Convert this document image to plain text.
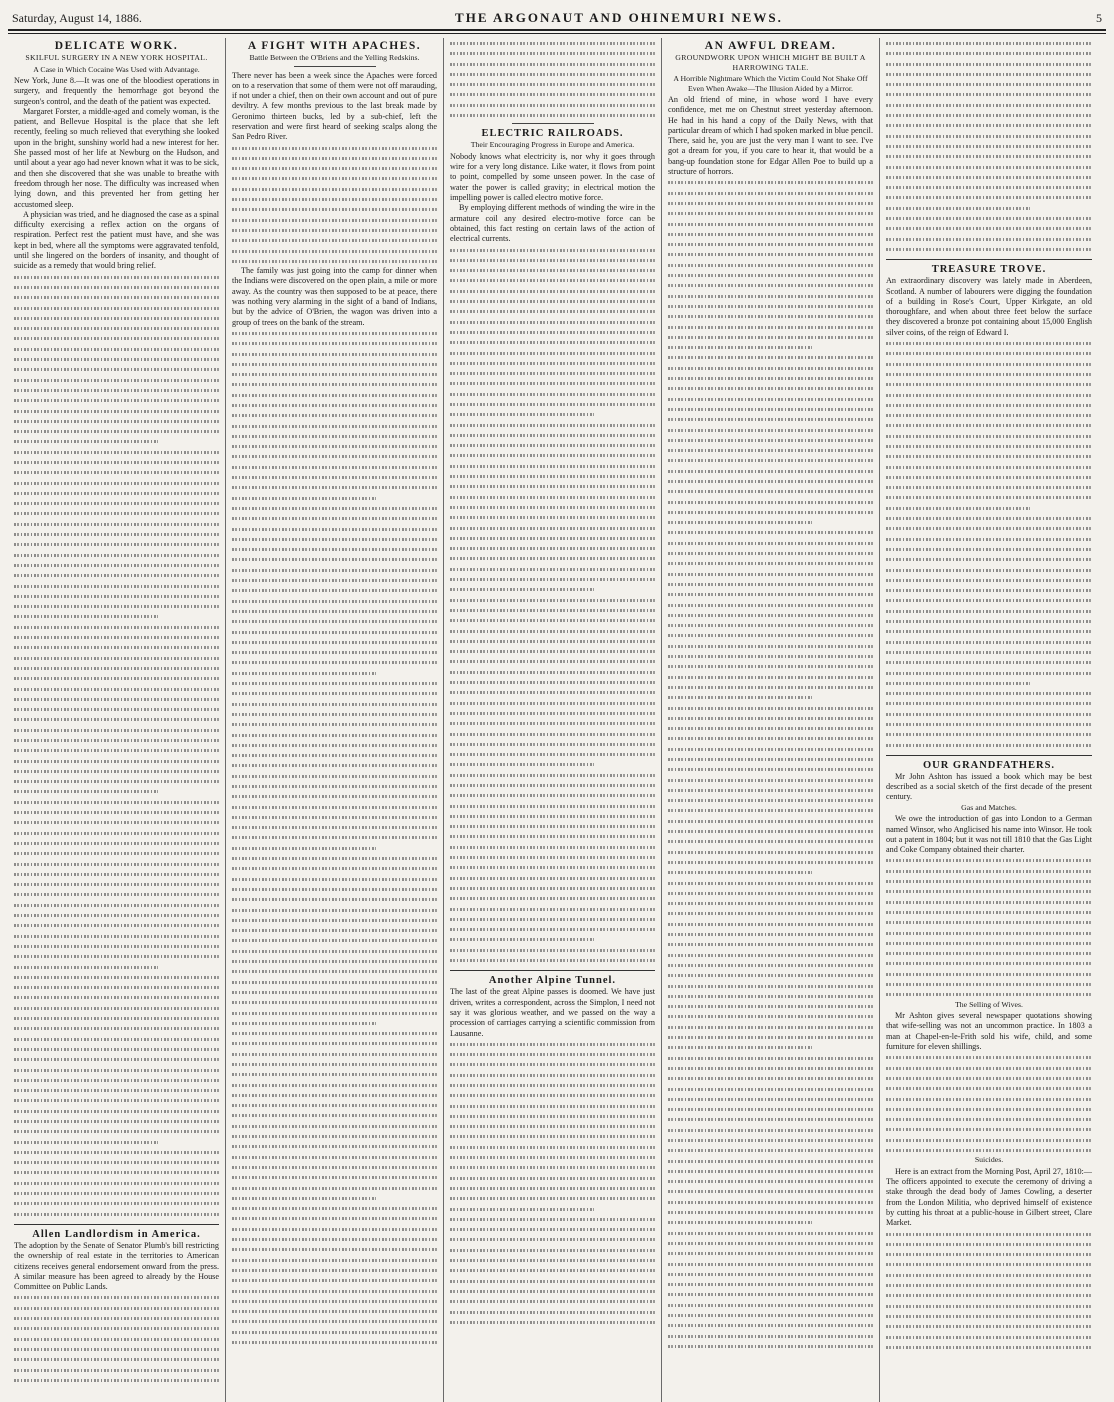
Saturday, August 14, 1886.	THE ARGONAUT AND OHINEMURI NEWS.	5
DELICATE WORK.
SKILFUL SURGERY IN A NEW YORK HOSPITAL.
A Case in Which Cocaine Was Used with Advantage.

New York, June 8.—It was one of the bloodiest operations in surgery, and frequently the hemorrhage got beyond the surgeon's control, and the death of the patient was expected.

Margaret Forster, a middle-aged and comely woman, is the patient, and Bellevue Hospital is the place that she left recently, feeling so much relieved that everything she looked upon in the bright, sunshiny world had a new interest for her. She passed most of her life at Newburg on the Hudson, and until about a year ago had never known what it was to be sick, and then she discovered that she was unable to breathe with freedom through her nose. The difficulty was increased when lying down, and this prevented her from getting her accustomed sleep.

A physician was tried, and he diagnosed the case as a spinal difficulty exercising a reflex action on the organs of respiration. Perfect rest the patient must have, and she was kept in bed, where all the symptoms were aggravated tenfold, until she lingered on the borders of insanity, and thought of suicide as a remedy that would bring relief.

Allen Landlordism in America.

The adoption by the Senate of Senator Plumb's bill restricting the ownership of real estate in the territories to American citizens receives general endorsement onward from the press. A similar measure has been agreed to already by the House Committee on Public Lands.

A FIGHT WITH APACHES.
Battle Between the O'Briens and the Yelling Redskins.

There never has been a week since the Apaches were forced on to a reservation that some of them were not off marauding, if not under a chief, then on their own account and out of pure deviltry. A few months previous to the last break made by Geronimo thirteen bucks, led by a sub-chief, left the reservation and were first heard of seeking scalps along the San Pedro River.

The family was just going into the camp for dinner when the Indians were discovered on the open plain, a mile or more away. As the country was then supposed to be at peace, there was nothing very alarming in the sight of a band of Indians, but by the advice of O'Brien, the wagon was driven into a group of trees on the bank of the stream.

ELECTRIC RAILROADS.
Their Encouraging Progress in Europe and America.

Nobody knows what electricity is, nor why it goes through wire for a very long distance. Like water, it flows from point to point, compelled by some unseen power. In the case of water the power is called gravity; in electrical motion the impelling power is called electro motive force.

By employing different methods of winding the wire in the armature coil any desired electro-motive force can be obtained, this fact resting on certain laws of the action of electrical currents.

Another Alpine Tunnel.

The last of the great Alpine passes is doomed. We have just driven, writes a correspondent, across the Simplon, I need not say it was glorious weather, and we passed on the way a procession of carriages carrying a scientific commission from Lausanne.

AN AWFUL DREAM.
GROUNDWORK UPON WHICH MIGHT BE BUILT A HARROWING TALE.
A Horrible Nightmare Which the Victim Could Not Shake Off Even When Awake—The Illusion Aided by a Mirror.

An old friend of mine, in whose word I have every confidence, met me on Chestnut street yesterday afternoon. He had in his hand a copy of the Daily News, with that particular dream of which I had spoken marked in blue pencil. There, said he, you are just the very man I want to see. I've got a dream for you, if you care to hear it, that would be a bang-up foundation stone for Edgar Allen Poe to build up a structure of horrors.

TREASURE TROVE.

An extraordinary discovery was lately made in Aberdeen, Scotland. A number of labourers were digging the foundation of a building in Rose's Court, Upper Kirkgate, an old thoroughfare, and when about three feet below the surface they discovered a bronze pot containing about 15,000 English silver coins, of the reign of Edward I.

OUR GRANDFATHERS.

Mr John Ashton has issued a book which may be best described as a social sketch of the first decade of the present century.

Gas and Matches.

We owe the introduction of gas into London to a German named Winsor, who Anglicised his name into Winsor. He took out a patent in 1804; but it was not till 1810 that the Gas Light and Coke Company obtained their charter.

The Selling of Wives.

Mr Ashton gives several newspaper quotations showing that wife-selling was not an uncommon practice. In 1803 a man at Chapel-en-le-Frith sold his wife, child, and some furniture for eleven shillings.

Suicides.

Here is an extract from the Morning Post, April 27, 1810:—The officers appointed to execute the ceremony of driving a stake through the dead body of James Cowling, a deserter from the London Militia, who deprived himself of existence by cutting his throat at a public-house in Gilbert street, Clare Market.
